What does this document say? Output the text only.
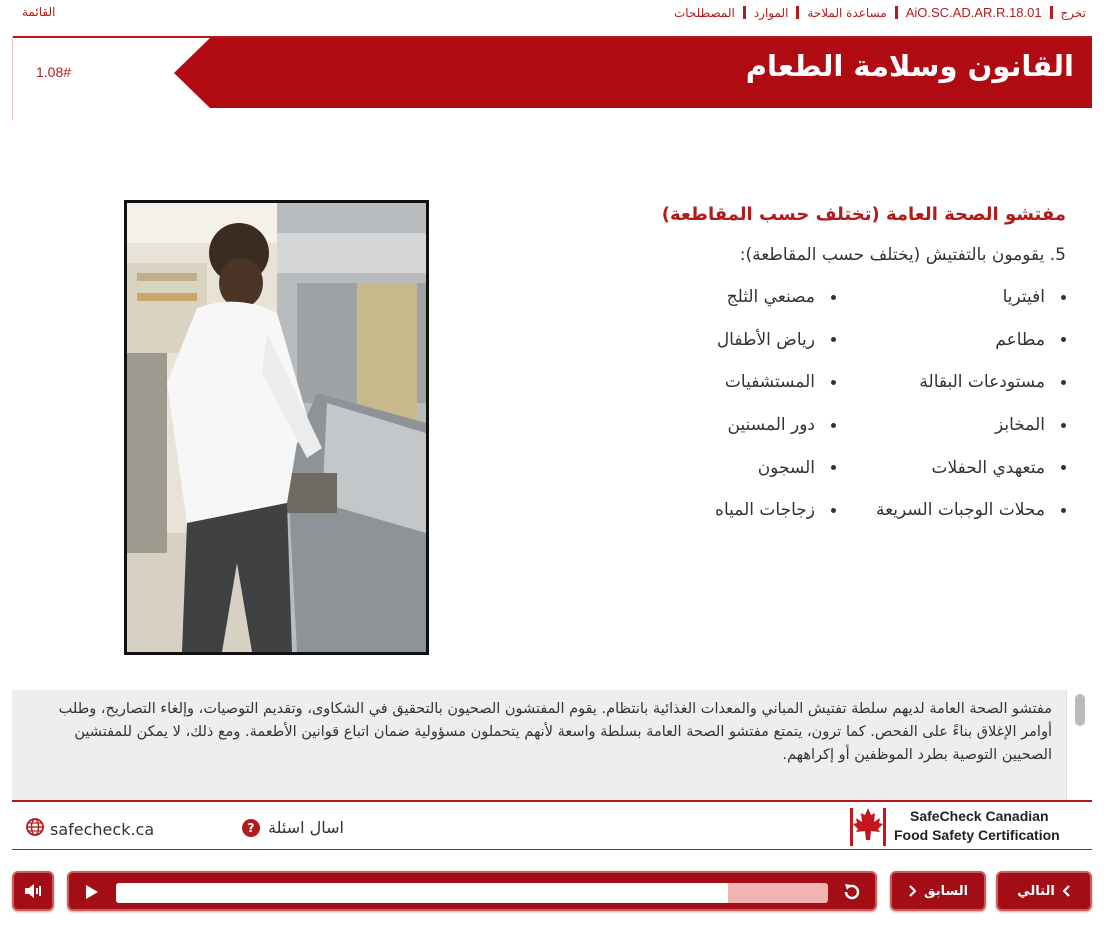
القائمة	تخرج
AiO.SC.AD.AR.R.18.01
مساعدة الملاحة
الموارد
المصطلحات
القانون وسلامة الطعام
1.08#
مفتشو الصحة العامة (تختلف حسب المقاطعة)

5. يقومون بالتفتيش (يختلف حسب المقاطعة):

افيتريا
مطاعم
مستودعات البقالة
المخابز
متعهدي الحفلات
محلات الوجبات السريعة
مصنعي الثلج
رياض الأطفال
المستشفيات
دور المسنين
السجون
زجاجات المياه

مفتشو الصحة العامة لديهم سلطة تفتيش المباني والمعدات الغذائية بانتظام. يقوم المفتشون الصحيون بالتحقيق في الشكاوى، وتقديم التوصيات، وإلغاء التصاريح، وطلب أوامر الإغلاق بناءً على الفحص. كما ترون، يتمتع مفتشو الصحة العامة بسلطة واسعة لأنهم يتحملون مسؤولية ضمان اتباع قوانين الأطعمة. ومع ذلك، لا يمكن للمفتشين الصحيين التوصية بطرد الموظفين أو إكراههم.

safecheck.ca	اسال اسئلة
?
SafeCheck Canadian
Food Safety Certification
السابق	التالي
